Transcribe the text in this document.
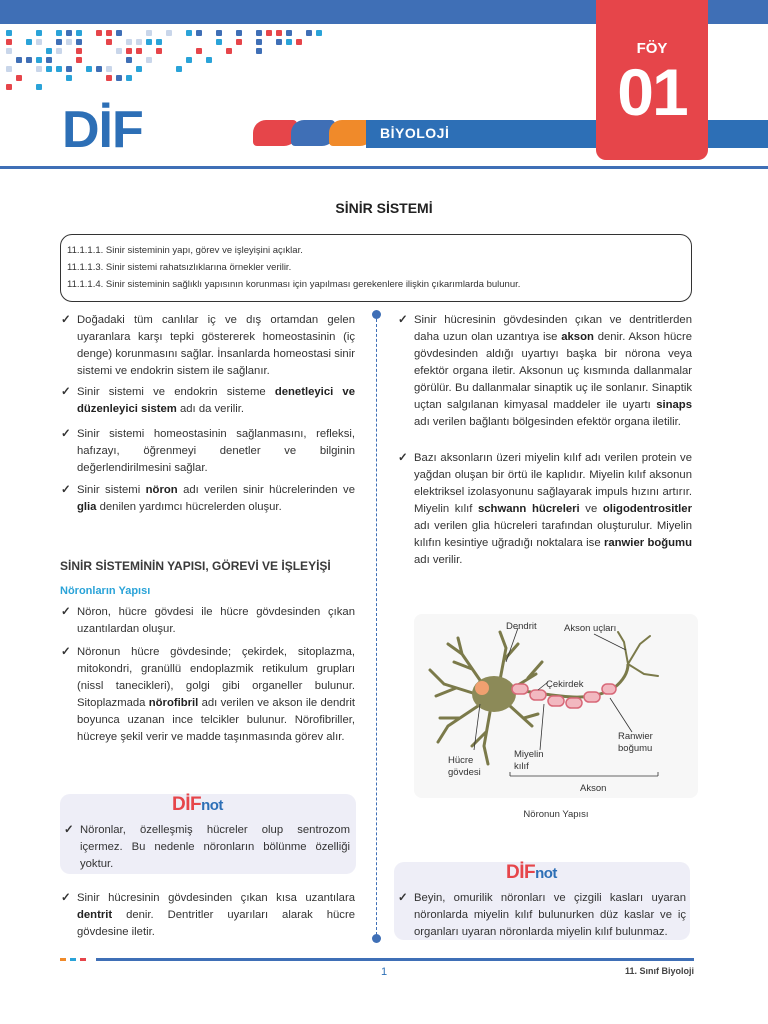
DİF	BİYOLOJİ
FÖY
01
SİNİR SİSTEMİ
11.1.1.1. Sinir sisteminin yapı, görev ve işleyişini açıklar.
11.1.1.3. Sinir sistemi rahatsızlıklarına örnekler verilir.
11.1.1.4. Sinir sisteminin sağlıklı yapısının korunması için yapılması gerekenlere ilişkin çıkarımlarda bulunur.
✓ Doğadaki tüm canlılar iç ve dış ortamdan gelen uyaranlara karşı tepki göstererek homeostasinin (iç denge) korunmasını sağlar. İnsanlarda homeostasi sinir sistemi ve endokrin sistem ile sağlanır.
✓ Sinir sistemi ve endokrin sisteme denetleyici ve düzenleyici sistem adı da verilir.
✓ Sinir sistemi homeostasinin sağlanmasını, refleksi, hafızayı, öğrenmeyi denetler ve bilginin değerlendirilmesini sağlar.
✓ Sinir sistemi nöron adı verilen sinir hücrelerinden ve glia denilen yardımcı hücrelerden oluşur.
SİNİR SİSTEMİNİN YAPISI, GÖREVİ VE İŞLEYİŞİ
Nöronların Yapısı
✓ Nöron, hücre gövdesi ile hücre gövdesinden çıkan uzantılardan oluşur.
✓ Nöronun hücre gövdesinde; çekirdek, sitoplazma, mitokondri, granüllü endoplazmik retikulum grupları (nissl tanecikleri), golgi gibi organeller bulunur. Sitoplazmada nörofibril adı verilen ve akson ile dendrit boyunca uzanan ince telcikler bulunur. Nörofibriller, hücreye şekil verir ve madde taşınmasında görev alır.
DİFnot
✓ Nöronlar, özelleşmiş hücreler olup sentrozom içermez. Bu nedenle nöronların bölünme özelliği yoktur.
✓ Sinir hücresinin gövdesinden çıkan kısa uzantılara dentrit denir. Dentritler uyarıları alarak hücre gövdesine iletir.
✓ Sinir hücresinin gövdesinden çıkan ve dentritlerden daha uzun olan uzantıya ise akson denir. Akson hücre gövdesinden aldığı uyartıyı başka bir nörona veya efektör organa iletir. Aksonun uç kısmında dallanmalar görülür. Bu dallanmalar sinaptik uç ile sonlanır. Sinaptik uçtan salgılanan kimyasal maddeler ile uyartı sinaps adı verilen bağlantı bölgesinden efektör organa iletilir.
✓ Bazı aksonların üzeri miyelin kılıf adı verilen protein ve yağdan oluşan bir örtü ile kaplıdır. Miyelin kılıf aksonun elektriksel izolasyonunu sağlayarak impuls hızını artırır. Miyelin kılıf schwann hücreleri ve oligodentrositler adı verilen glia hücreleri tarafından oluşturulur. Miyelin kılıfın kesintiye uğradığı noktalara ise ranwier boğumu adı verilir.
Dendrit	Akson uçları
Çekirdek
Ranwier
boğumu
Hücre
gövdesi
Miyelin
kılıf
Akson
Nöronun Yapısı
DİFnot
✓ Beyin, omurilik nöronları ve çizgili kasları uyaran nöronlarda miyelin kılıf bulunurken düz kaslar ve iç organları uyaran nöronlarda miyelin kılıf bulunmaz.
1	11. Sınıf Biyoloji
